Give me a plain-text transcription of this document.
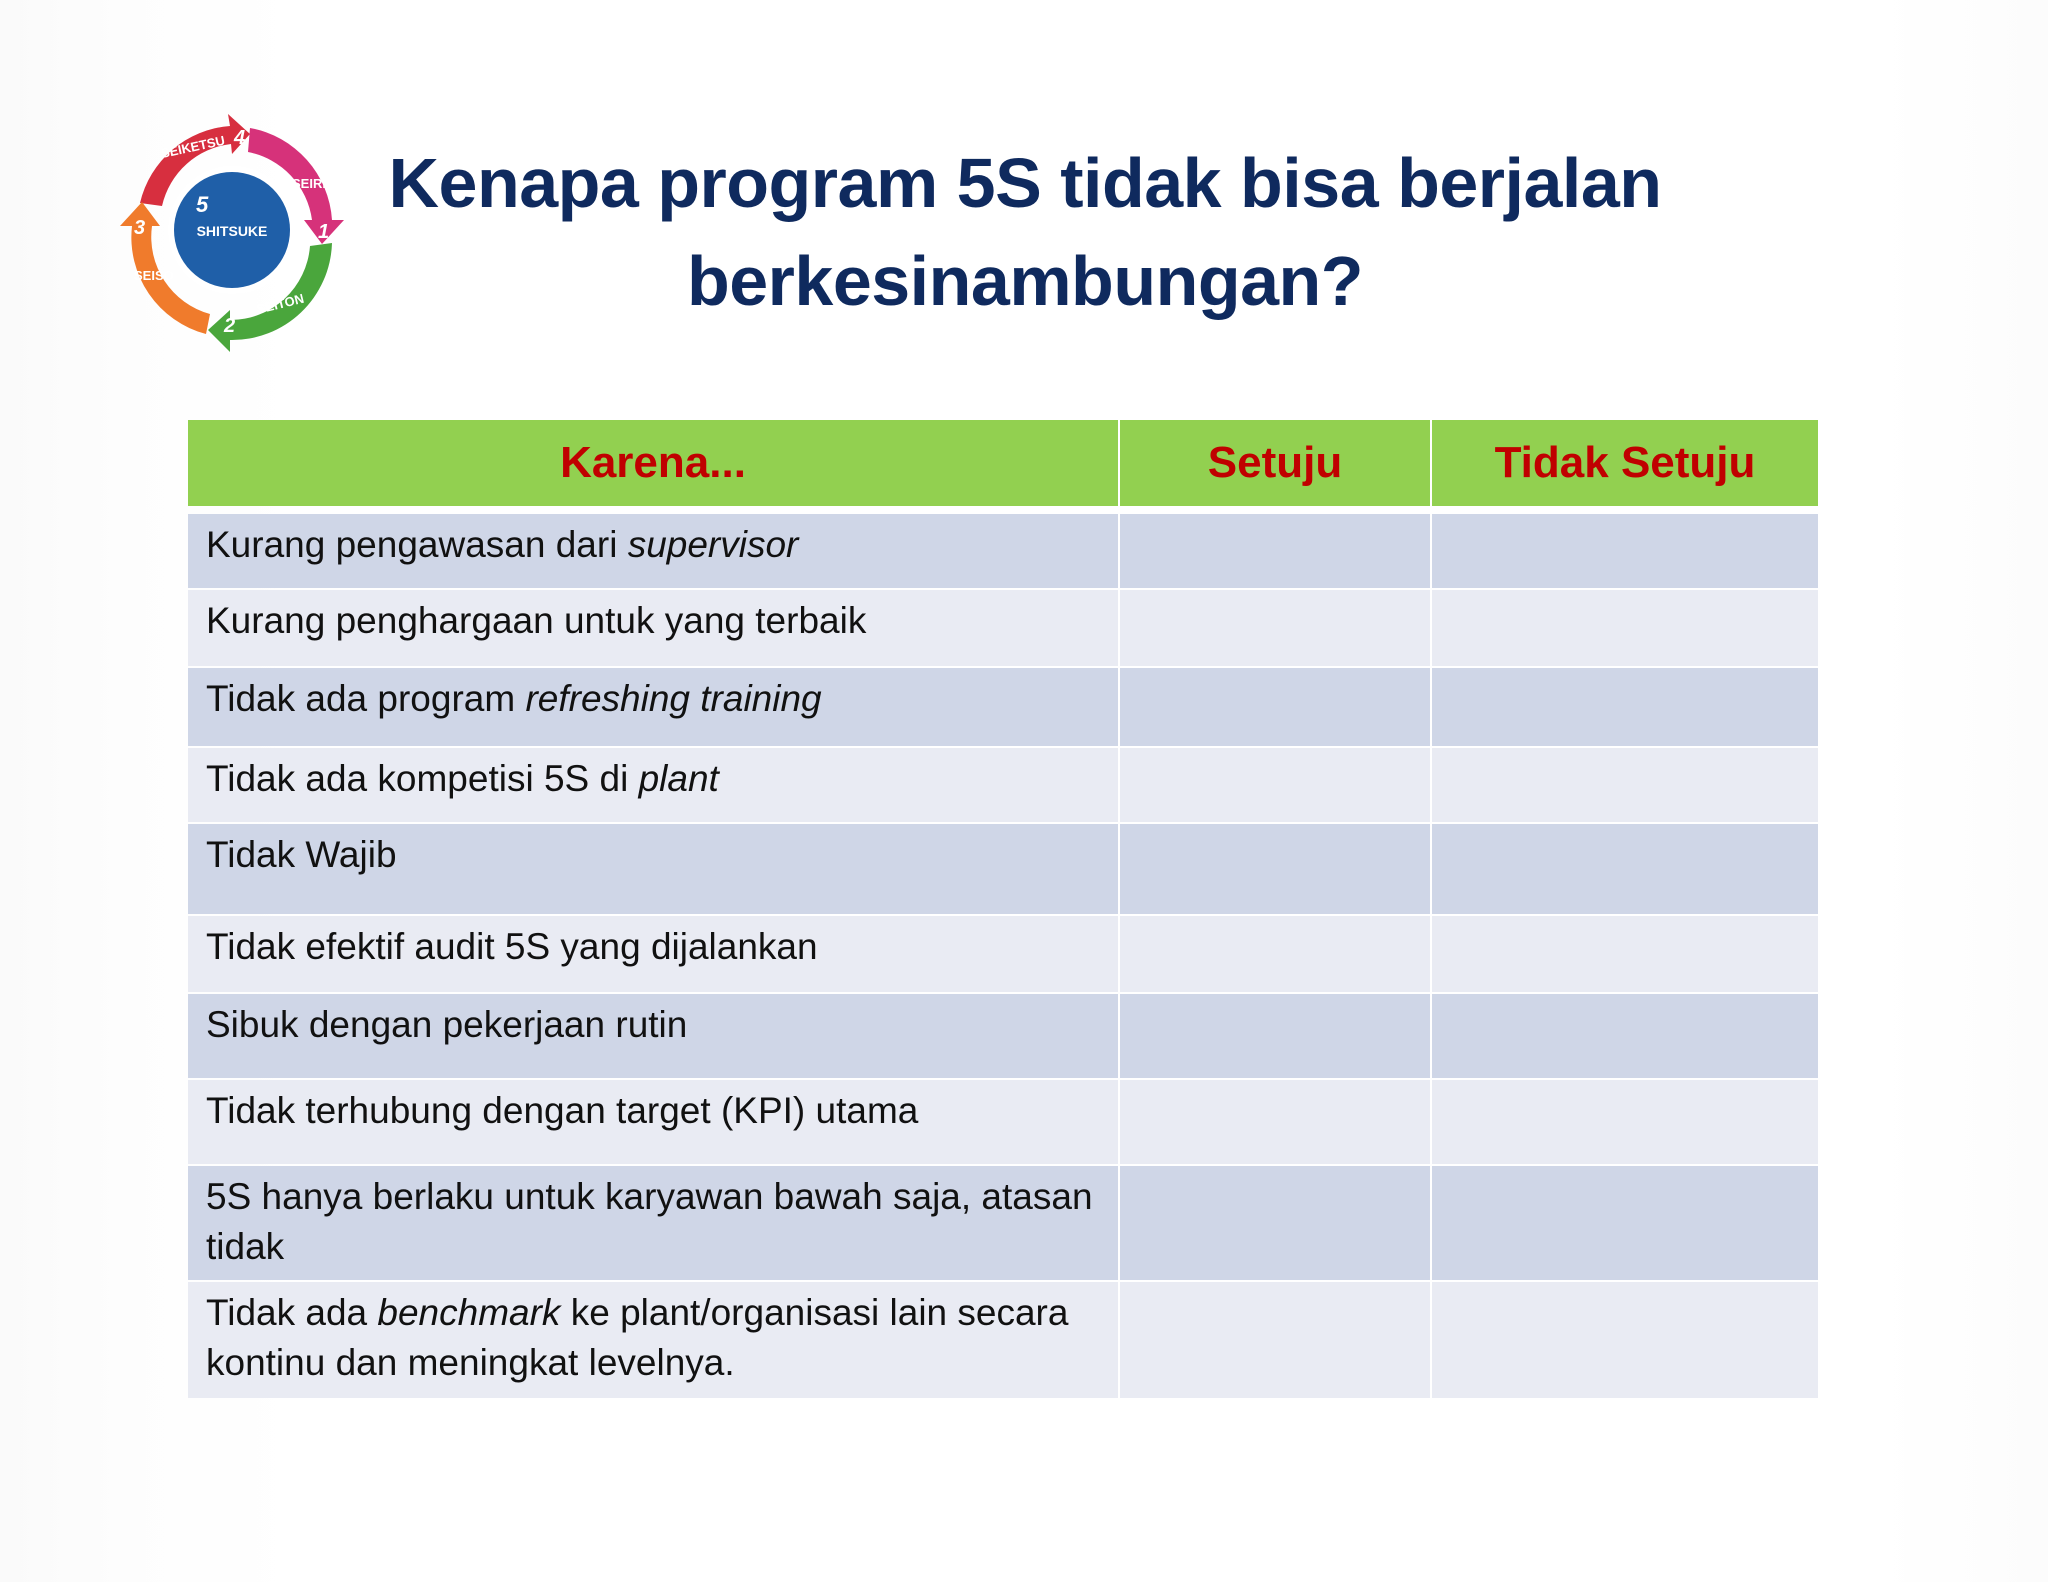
5
SHITSUKE
SEIKETSU 4
SEIRI
1
SEITON
2
SEISO
3
Kenapa program 5S tidak bisa berjalan
berkesinambungan?
Karena...	Setuju	Tidak Setuju

Kurang pengawasan dari supervisor		
Kurang penghargaan untuk yang terbaik		
Tidak ada program refreshing training		
Tidak ada kompetisi 5S di plant		
Tidak Wajib		
Tidak efektif audit 5S yang dijalankan		
Sibuk dengan pekerjaan rutin		
Tidak terhubung dengan target (KPI) utama		
5S hanya berlaku untuk karyawan bawah saja, atasan tidak		
Tidak ada benchmark ke plant/organisasi lain secara kontinu dan meningkat levelnya.		
